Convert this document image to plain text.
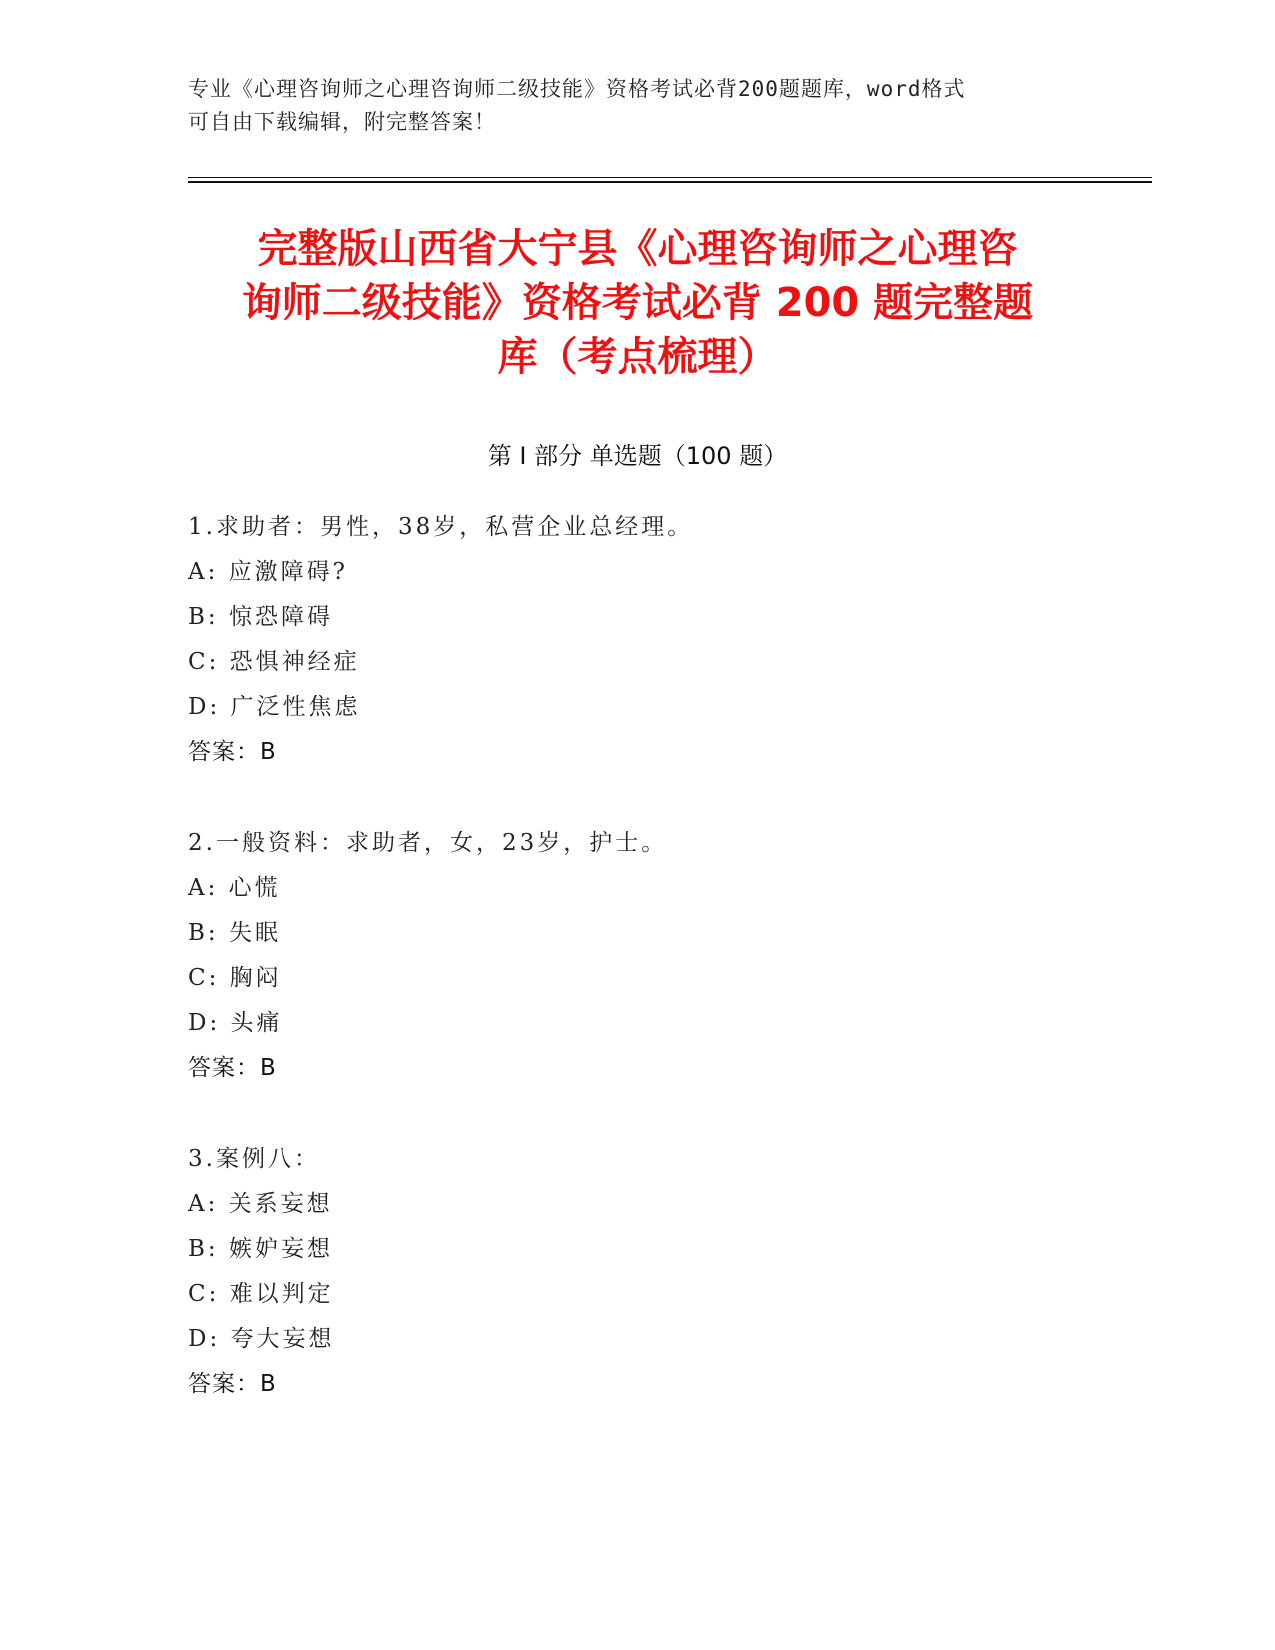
专业《心理咨询师之心理咨询师二级技能》资格考试必背200题题库，word格式
可自由下载编辑，附完整答案！
完整版山西省大宁县《心理咨询师之心理咨
询师二级技能》资格考试必背 200 题完整题
库（考点梳理）
第 I 部分 单选题（100 题）
1.求助者：男性，38岁，私营企业总经理。
A: 应激障碍?
B: 惊恐障碍
C: 恐惧神经症
D: 广泛性焦虑
答案：B
2.一般资料：求助者，女，23岁，护士。
A: 心慌
B: 失眠
C: 胸闷
D: 头痛
答案：B
3.案例八：
A: 关系妄想
B: 嫉妒妄想
C: 难以判定
D: 夸大妄想
答案：B
